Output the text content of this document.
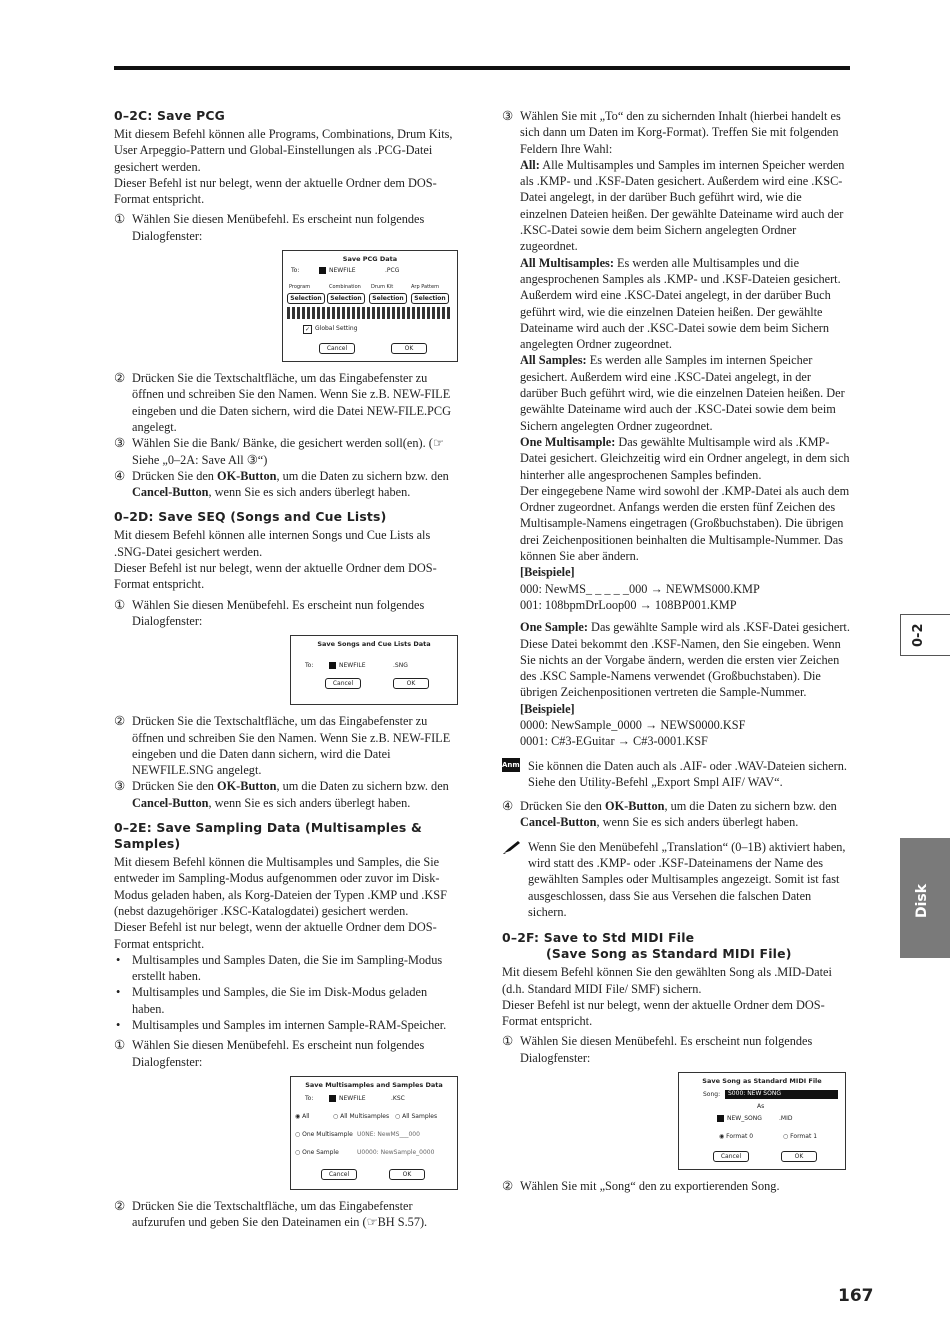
0-2
Disk
0–2C: Save PCG

Mit diesem Befehl können alle Programs, Combinations, Drum Kits, User Arpeggio-Pattern und Global-Einstellungen als .PCG-Datei gesichert werden.

Dieser Befehl ist nur belegt, wenn der aktuelle Ordner dem DOS-Format entspricht.

① Wählen Sie diesen Menübefehl. Es erscheint nun folgendes Dialogfenster:

Save PCG Data
To:	NEWFILE	.PCG
Program	Combination Drum Kit	Arp Pattern
Selection	Selection	Selection	Selection
✓ Global Setting
Cancel	OK

② Drücken Sie die Textschaltfläche, um das Eingabefenster zu öffnen und schreiben Sie den Namen. Wenn Sie z.B. NEW-FILE eingeben und die Daten sichern, wird die Datei NEW-FILE.PCG angelegt.

③ Wählen Sie die Bank/ Bänke, die gesichert werden soll(en). (☞Siehe „0–2A: Save All ③“)

④ Drücken Sie den OK-Button, um die Daten zu sichern bzw. den Cancel-Button, wenn Sie es sich anders überlegt haben.

0–2D: Save SEQ (Songs and Cue Lists)

Mit diesem Befehl können alle internen Songs und Cue Lists als .SNG-Datei gesichert werden.

Dieser Befehl ist nur belegt, wenn der aktuelle Ordner dem DOS-Format entspricht.

① Wählen Sie diesen Menübefehl. Es erscheint nun folgendes Dialogfenster:

Save Songs and Cue Lists Data
To:	NEWFILE	.SNG
Cancel	OK

② Drücken Sie die Textschaltfläche, um das Eingabefenster zu öffnen und schreiben Sie den Namen. Wenn Sie z.B. NEW-FILE eingeben und die Daten dann sichern, wird die Datei NEWFILE.SNG angelegt.

③ Drücken Sie den OK-Button, um die Daten zu sichern bzw. den Cancel-Button, wenn Sie es sich anders überlegt haben.

0–2E: Save Sampling Data (Multisamples & Samples)

Mit diesem Befehl können die Multisamples und Samples, die Sie entweder im Sampling-Modus aufgenommen oder zuvor im Disk-Modus geladen haben, als Korg-Dateien der Typen .KMP und .KSF (nebst dazugehöriger .KSC-Katalogdatei) gesichert werden.

Dieser Befehl ist nur belegt, wenn der aktuelle Ordner dem DOS-Format entspricht.

• Multisamples und Samples Daten, die Sie im Sampling-Modus erstellt haben.

• Multisamples und Samples, die Sie im Disk-Modus geladen haben.

• Multisamples und Samples im internen Sample-RAM-Speicher.

① Wählen Sie diesen Menübefehl. Es erscheint nun folgendes Dialogfenster:

Save Multisamples and Samples Data
To:	NEWFILE	.KSC
◉ All	○ All Multisamples ○ All Samples
○ One Multisample U0NE: NewMS___000
○ One Sample	U0000: NewSample_0000
Cancel	OK

② Drücken Sie die Textschaltfläche, um das Eingabefenster aufzurufen und geben Sie den Dateinamen ein (☞BH S.57).

③ Wählen Sie mit „To“ den zu sichernden Inhalt (hierbei handelt es sich dann um Daten im Korg-Format). Treffen Sie mit folgenden Feldern Ihre Wahl:

All: Alle Multisamples und Samples im internen Speicher werden als .KMP- und .KSF-Daten gesichert. Außerdem wird eine .KSC-Datei angelegt, in der darüber Buch geführt wird, wie die einzelnen Dateien heißen. Der gewählte Dateiname wird auch der .KSC-Datei sowie dem beim Sichern angelegten Ordner zugeordnet.

All Multisamples: Es werden alle Multisamples und die angesprochenen Samples als .KMP- und .KSF-Dateien gesichert. Außerdem wird eine .KSC-Datei angelegt, in der darüber Buch geführt wird, wie die einzelnen Dateien heißen. Der gewählte Dateiname wird auch der .KSC-Datei sowie dem beim Sichern angelegten Ordner zugeordnet.

All Samples: Es werden alle Samples im internen Speicher gesichert. Außerdem wird eine .KSC-Datei angelegt, in der darüber Buch geführt wird, wie die einzelnen Dateien heißen. Der gewählte Dateiname wird auch der .KSC-Datei sowie dem beim Sichern angelegten Ordner zugeordnet.

One Multisample: Das gewählte Multisample wird als .KMP-Datei gesichert. Gleichzeitig wird ein Ordner angelegt, in dem sich hinterher alle angesprochenen Samples befinden.

Der eingegebene Name wird sowohl der .KMP-Datei als auch dem Ordner zugeordnet. Anfangs werden die ersten fünf Zeichen des Multisample-Namens eingetragen (Großbuchstaben). Die übrigen drei Zeichenpositionen beinhalten die Multisample-Nummer. Das können Sie aber ändern.

[Beispiele]

000: NewMS_ _ _ _ _000 → NEWMS000.KMP

001: 108bpmDrLoop00 → 108BP001.KMP

One Sample: Das gewählte Sample wird als .KSF-Datei gesichert.

Diese Datei bekommt den .KSF-Namen, den Sie eingeben. Wenn Sie nichts an der Vorgabe ändern, werden die ersten vier Zeichen des .KSC Sample-Namens verwendet (Großbuchstaben). Die übrigen Zeichenpositionen vertreten die Sample-Nummer.

[Beispiele]

0000: NewSample_0000 → NEWS0000.KSF

0001: C#3-EGuitar → C#3-0001.KSF

Anm. Sie können die Daten auch als .AIF- oder .WAV-Dateien sichern. Siehe den Utility-Befehl „Export Smpl AIF/ WAV“.

④ Drücken Sie den OK-Button, um die Daten zu sichern bzw. den Cancel-Button, wenn Sie es sich anders überlegt haben.

Wenn Sie den Menübefehl „Translation“ (0–1B) aktiviert haben, wird statt des .KMP- oder .KSF-Dateinamens der Name des gewählten Samples oder Multisamples angezeigt. Somit ist fast ausgeschlossen, dass Sie aus Versehen die falschen Daten sichern.
0–2F: Save to Std MIDI File
(Save Song as Standard MIDI File)

Mit diesem Befehl können Sie den gewählten Song als .MID-Datei (d.h. Standard MIDI File/ SMF) sichern.

Dieser Befehl ist nur belegt, wenn der aktuelle Ordner dem DOS-Format entspricht.

① Wählen Sie diesen Menübefehl. Es erscheint nun folgendes Dialogfenster:

Save Song as Standard MIDI File
Song:	S000: NEW SONG
As
NEW_SONG	.MID
◉ Format 0	○ Format 1
Cancel	OK

② Wählen Sie mit „Song“ den zu exportierenden Song.

167
